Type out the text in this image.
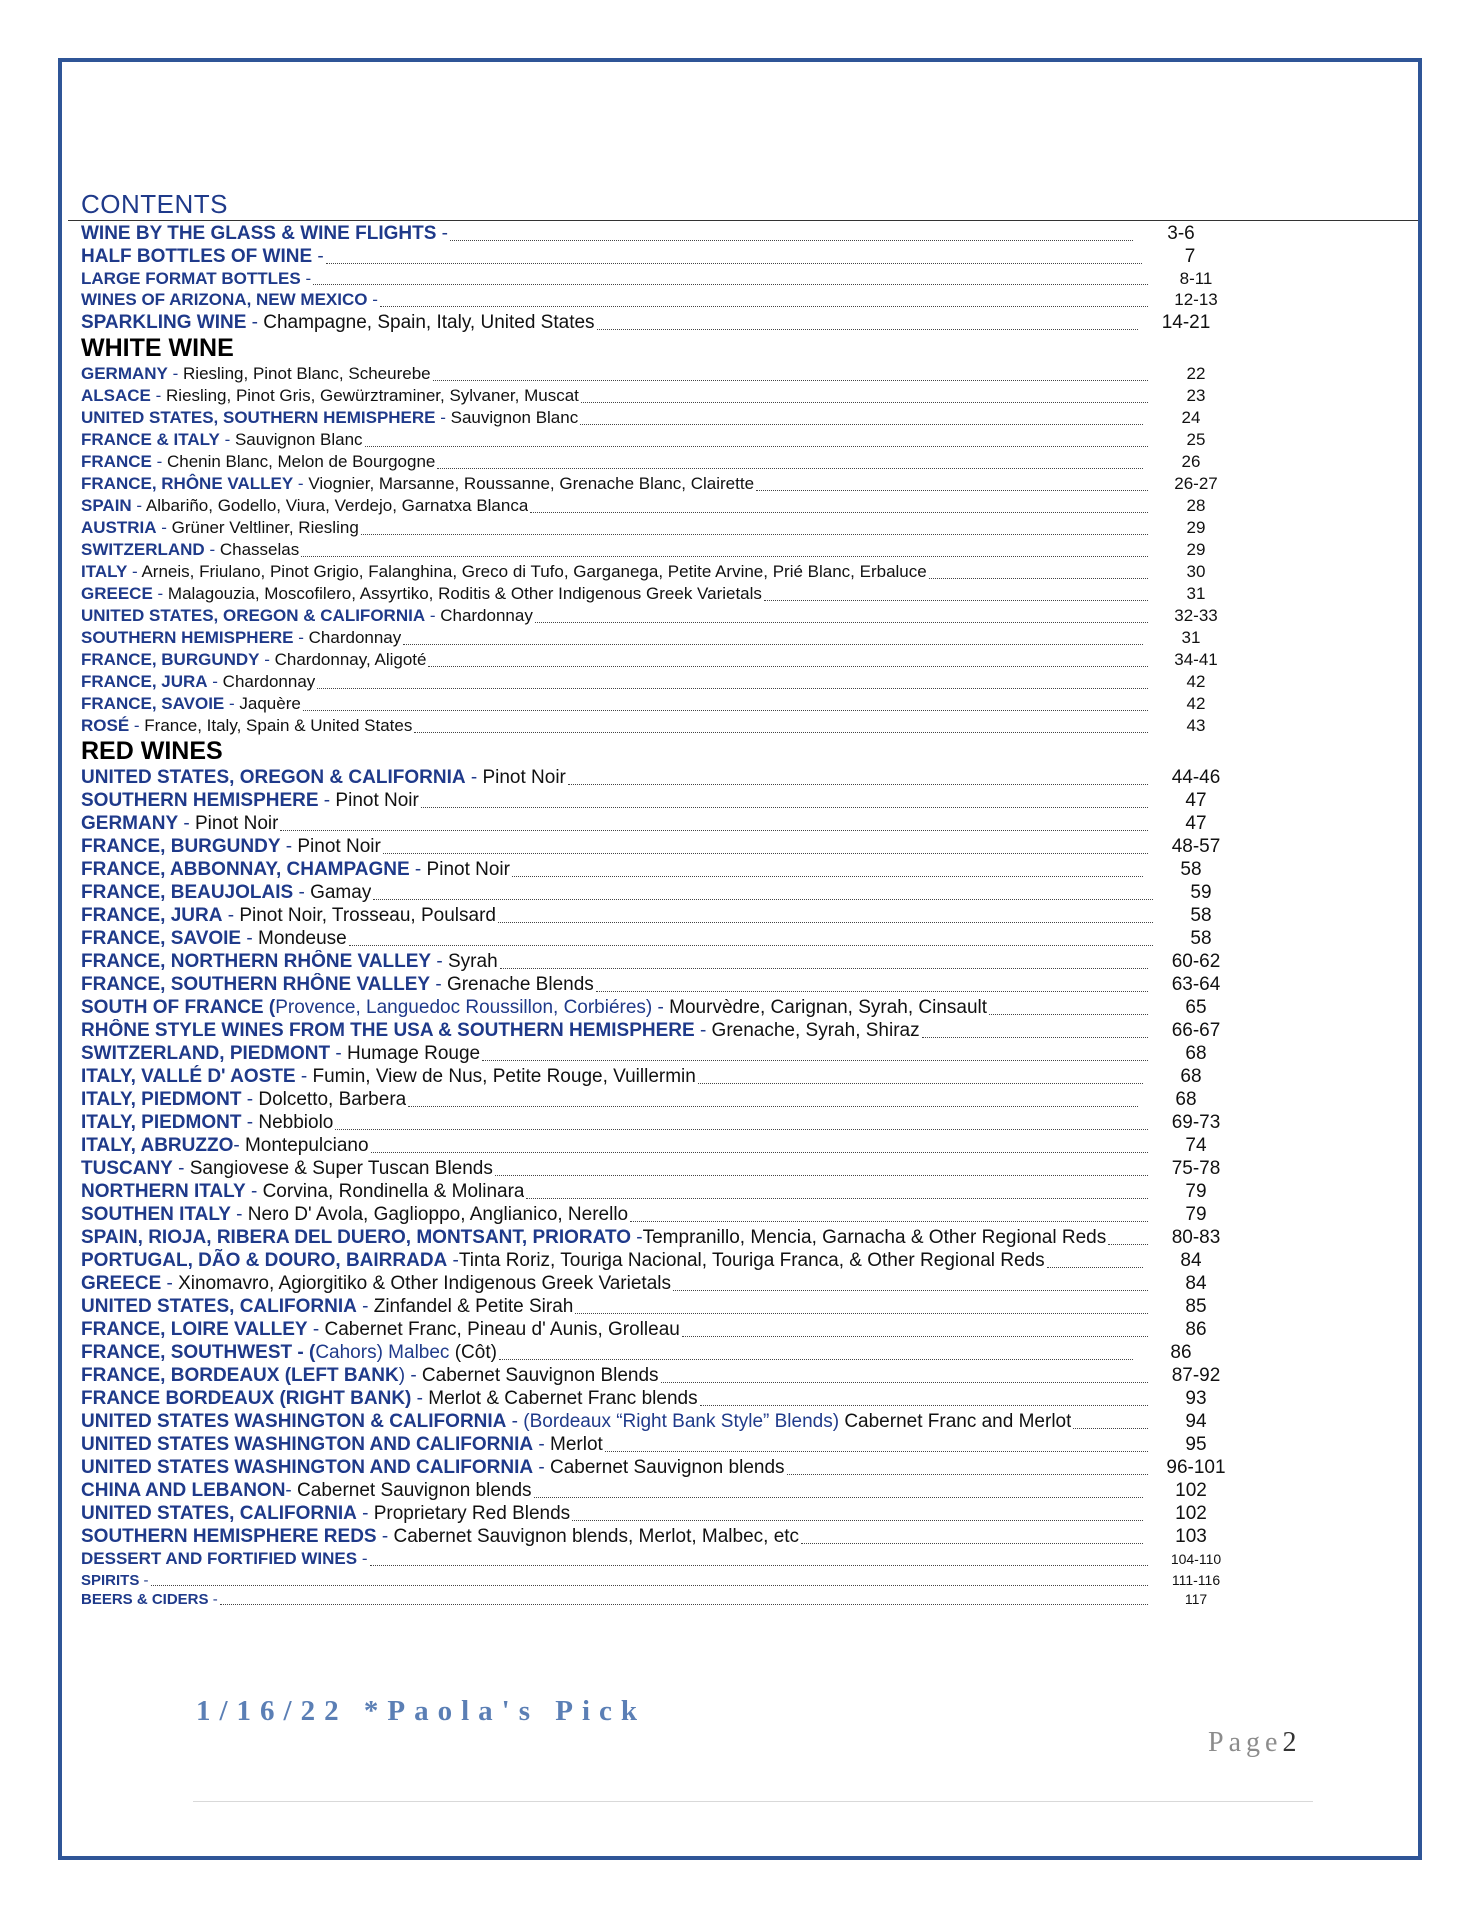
CONTENTS
WINE BY THE GLASS & WINE FLIGHTS -	3-6
HALF BOTTLES OF WINE -	7
LARGE FORMAT BOTTLES -	8-11
WINES OF ARIZONA, NEW MEXICO -	12-13
SPARKLING WINE - Champagne, Spain, Italy, United States	14-21
WHITE WINE
GERMANY - Riesling, Pinot Blanc, Scheurebe	22
ALSACE - Riesling, Pinot Gris, Gewürztraminer, Sylvaner, Muscat	23
UNITED STATES, SOUTHERN HEMISPHERE - Sauvignon Blanc	24
FRANCE & ITALY - Sauvignon Blanc	25
FRANCE - Chenin Blanc, Melon de Bourgogne	26
FRANCE, RHÔNE VALLEY - Viognier, Marsanne, Roussanne, Grenache Blanc, Clairette	26-27
SPAIN - Albariño, Godello, Viura, Verdejo, Garnatxa Blanca	28
AUSTRIA - Grüner Veltliner, Riesling	29
SWITZERLAND - Chasselas	29
ITALY - Arneis, Friulano, Pinot Grigio, Falanghina, Greco di Tufo, Garganega, Petite Arvine, Prié Blanc, Erbaluce	30
GREECE - Malagouzia, Moscofilero, Assyrtiko, Roditis & Other Indigenous Greek Varietals	31
UNITED STATES, OREGON & CALIFORNIA - Chardonnay	32-33
SOUTHERN HEMISPHERE - Chardonnay	31
FRANCE, BURGUNDY - Chardonnay, Aligoté	34-41
FRANCE, JURA - Chardonnay	42
FRANCE, SAVOIE - Jaquère	42
ROSÉ - France, Italy, Spain & United States	43
RED WINES
UNITED STATES, OREGON & CALIFORNIA - Pinot Noir	44-46
SOUTHERN HEMISPHERE - Pinot Noir	47
GERMANY - Pinot Noir	47
FRANCE, BURGUNDY - Pinot Noir	48-57
FRANCE, ABBONNAY, CHAMPAGNE - Pinot Noir	58
FRANCE, BEAUJOLAIS - Gamay	59
FRANCE, JURA - Pinot Noir, Trosseau, Poulsard	58
FRANCE, SAVOIE - Mondeuse	58
FRANCE, NORTHERN RHÔNE VALLEY - Syrah	60-62
FRANCE, SOUTHERN RHÔNE VALLEY - Grenache Blends	63-64
SOUTH OF FRANCE (Provence, Languedoc Roussillon, Corbiéres) - Mourvèdre, Carignan, Syrah, Cinsault	65
RHÔNE STYLE WINES FROM THE USA & SOUTHERN HEMISPHERE - Grenache, Syrah, Shiraz	66-67
SWITZERLAND, PIEDMONT - Humage Rouge	68
ITALY, VALLÉ D' AOSTE - Fumin, View de Nus, Petite Rouge, Vuillermin	68
ITALY, PIEDMONT - Dolcetto, Barbera	68
ITALY, PIEDMONT - Nebbiolo	69-73
ITALY, ABRUZZO- Montepulciano	74
TUSCANY - Sangiovese & Super Tuscan Blends	75-78
NORTHERN ITALY - Corvina, Rondinella & Molinara	79
SOUTHEN ITALY - Nero D' Avola, Gaglioppo, Anglianico, Nerello	79
SPAIN, RIOJA, RIBERA DEL DUERO, MONTSANT, PRIORATO -Tempranillo, Mencia, Garnacha & Other Regional Reds	80-83
PORTUGAL, DÃO & DOURO, BAIRRADA -Tinta Roriz, Touriga Nacional, Touriga Franca, & Other Regional Reds	84
GREECE - Xinomavro, Agiorgitiko & Other Indigenous Greek Varietals	84
UNITED STATES, CALIFORNIA - Zinfandel & Petite Sirah	85
FRANCE, LOIRE VALLEY - Cabernet Franc, Pineau d' Aunis, Grolleau	86
FRANCE, SOUTHWEST - (Cahors) Malbec (Côt)	86
FRANCE, BORDEAUX (LEFT BANK) - Cabernet Sauvignon Blends	87-92
FRANCE BORDEAUX (RIGHT BANK) - Merlot & Cabernet Franc blends	93
UNITED STATES WASHINGTON & CALIFORNIA - (Bordeaux “Right Bank Style” Blends) Cabernet Franc and Merlot	94
UNITED STATES WASHINGTON AND CALIFORNIA - Merlot	95
UNITED STATES WASHINGTON AND CALIFORNIA - Cabernet Sauvignon blends	96-101
CHINA AND LEBANON- Cabernet Sauvignon blends	102
UNITED STATES, CALIFORNIA - Proprietary Red Blends	102
SOUTHERN HEMISPHERE REDS - Cabernet Sauvignon blends, Merlot, Malbec, etc	103
DESSERT AND FORTIFIED WINES -	104-110
SPIRITS -	111-116
BEERS & CIDERS -	117
1/16/22 *Paola's Pick
Page2
